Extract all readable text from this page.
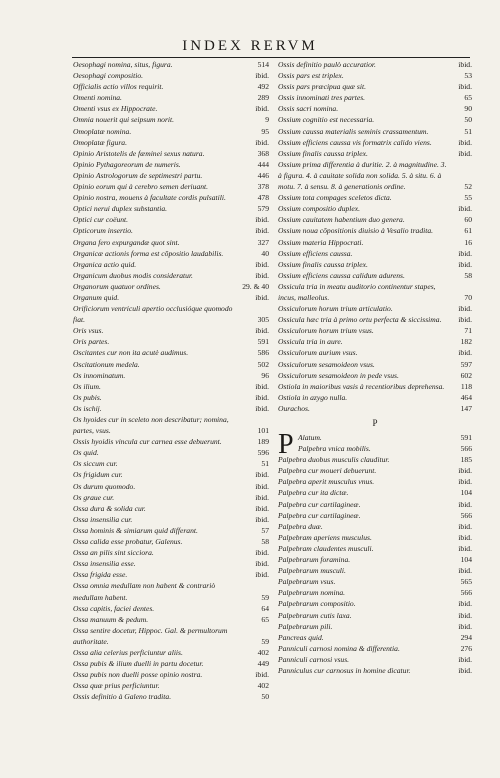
INDEX RERVM
Oesophagi nomina, situs, figura.	514
Oesophagi compositio.	ibid.
Officialis actio villos requirit.	492
Omenti nomina.	289
Omenti vsus ex Hippocrate.	ibid.
Omnia nouerit qui seipsum norit.	9
Omoplatæ nomina.	95
Omoplatæ figura.	ibid.
Opinio Aristotelis de fæminei sexus natura.	368
Opinio Pythagoreorum de numeris.	444
Opinio Astrologorum de septimestri partu.	446
Opinio eorum qui à cerebro semen deriuant.	378
Opinio nostra, mouens à facultate cordis pulsatili.	478
Optici nerui duplex substantia.	579
Optici cur coëunt.	ibid.
Opticorum insertio.	ibid.
Organa fero expurgandæ quot sint.	327
Organicæ actionis forma est cōpositio laudabilis.	40
Organica actio quid.	ibid.
Organicum duobus modis consideratur.	ibid.
Organorum quatuor ordines.	29. & 40
Organum quid.	ibid.
Orificiorum ventriculi apertio occlusióque quomodo fiat.	305
Oris vsus.	ibid.
Oris partes.	591
Oscitantes cur non ita acutè audimus.	586
Oscitationum medela.	502
Os innominatum.	96
Os ilium.	ibid.
Os pubis.	ibid.
Os ischij.	ibid.
Os hyoides cur in sceleto non describatur; nomina, partes, vsus.	101
Ossis hyoidis vincula cur carnea esse debuerunt.	189
Os quid.	596
Os siccum cur.	51
Os frigidum cur.	ibid.
Os durum quomodo.	ibid.
Os graue cur.	ibid.
Ossa dura & solida cur.	ibid.
Ossa insensilia cur.	ibid.
Ossa hominis & simiarum quid differant.	57
Ossa calida esse probatur, Galenus.	58
Ossa an pilis sint sicciora.	ibid.
Ossa insensilia esse.	ibid.
Ossa frigida esse.	ibid.
Ossa omnia medullam non habent & contrariò medullam habent.	59
Ossa capitis, faciei dentes.	64
Ossa manuum & pedum.	65
Ossa sentire docetur, Hippoc. Gal. & permultorum authoritate.	59
Ossa alia celerius perficiuntur aliis.	402
Ossa pubis & ilium duelli in partu docetur.	449
Ossa pubis non duelli posse opinio nostra.	ibid.
Ossa quæ prius perficiuntur.	402
Ossis definitio à Galeno tradita.	50
Ossis definitio paulò accuratior.	ibid.
Ossis pars est triplex.	53
Ossis pars præcipua quæ sit.	ibid.
Ossis innominati tres partes.	65
Ossis sacri nomina.	90
Ossium cognitio est necessaria.	50
Ossium caussa materialis seminis crassamentum.	51
Ossium efficiens caussa vis formatrix calido viens.	ibid.
Ossium finalis caussa triplex.	ibid.
Ossium prima differentia à duritie. 2. à magnitudine. 3. à figura. 4. à cauitate solida non solida. 5. à situ. 6. à motu. 7. à sensu. 8. à generationis ordine.	52
Ossium tota compages sceletos dicta.	55
Ossium compositio duplex.	ibid.
Ossium cauitatem habentium duo genera.	60
Ossium noua cōpositionis diuisio à Vesalio tradita.	61
Ossium materia Hippocrati.	16
Ossium efficiens caussa.	ibid.
Ossium finalis caussa triplex.	ibid.
Ossium efficiens caussa calidum adurens.	58
Ossicula tria in meatu auditorio continentur stapes, incus, malleolus.	70
Ossiculorum horum trium articulatio.	ibid.
Ossicula hæc tria à primo ortu perfecta & siccissima.	ibid.
Ossiculorum horum trium vsus.	71
Ossicula tria in aure.	182
Ossiculorum aurium vsus.	ibid.
Ossiculorum sesamoideon vsus.	597
Ossiculorum sesamoideon in pede vsus.	602
Ostiola in maioribus vasis à recentioribus deprehensa.	118
Ostiola in azygo nulla.	464
Ourachos.	147
P
P Alatum.	591
Palpebra vnica mobilis.	566
Palpebra duobus musculis clauditur.	185
Palpebra cur moueri debuerunt.	ibid.
Palpebra aperit musculus vnus.	ibid.
Palpebra cur ita dictæ.	104
Palpebra cur cartilagineæ.	ibid.
Palpebra cur cartilagineæ.	566
Palpebra duæ.	ibid.
Palpebram aperiens musculus.	ibid.
Palpebram claudentes musculi.	ibid.
Palpebrarum foramina.	104
Palpebrarum musculi.	ibid.
Palpebrarum vsus.	565
Palpebrarum nomina.	566
Palpebrarum compositio.	ibid.
Palpebrarum cutis laxa.	ibid.
Palpebrarum pili.	ibid.
Pancreas quid.	294
Panniculi carnosi nomina & differentia.	276
Panniculi carnosi vsus.	ibid.
Panniculus cur carnosus in homine dicatur.	ibid.
